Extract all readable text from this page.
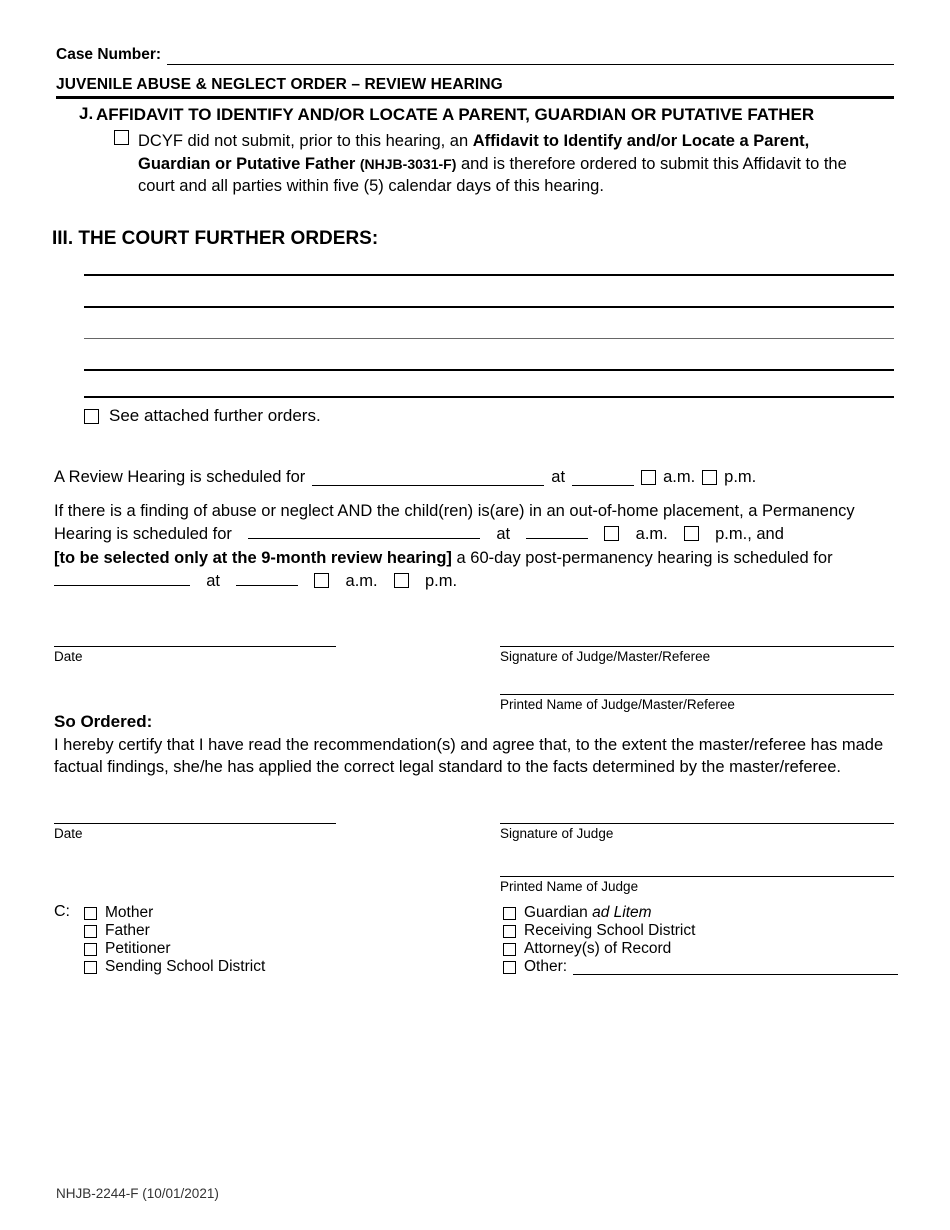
Case Number:
JUVENILE ABUSE & NEGLECT ORDER – REVIEW HEARING
J. AFFIDAVIT TO IDENTIFY AND/OR LOCATE A PARENT, GUARDIAN OR PUTATIVE FATHER
DCYF did not submit, prior to this hearing, an Affidavit to Identify and/or Locate a Parent, Guardian or Putative Father (NHJB-3031-F) and is therefore ordered to submit this Affidavit to the court and all parties within five (5) calendar days of this hearing.
III. THE COURT FURTHER ORDERS:
See attached further orders.
A Review Hearing is scheduled for	at	a.m. p.m.
If there is a finding of abuse or neglect AND the child(ren) is(are) in an out-of-home placement, a Permanency Hearing is scheduled for	at	a.m.	p.m., and
[to be selected only at the 9-month review hearing] a 60-day post-permanency hearing is scheduled for    at	a.m.	p.m.
Date	Signature of Judge/Master/Referee
Printed Name of Judge/Master/Referee
So Ordered:
I hereby certify that I have read the recommendation(s) and agree that, to the extent the master/referee has made factual findings, she/he has applied the correct legal standard to the facts determined by the master/referee.
Date	Signature of Judge
Printed Name of Judge
C: Mother
Father
Petitioner
Sending School District
Guardian ad Litem
Receiving School District
Attorney(s) of Record
Other:
NHJB-2244-F (10/01/2021)
